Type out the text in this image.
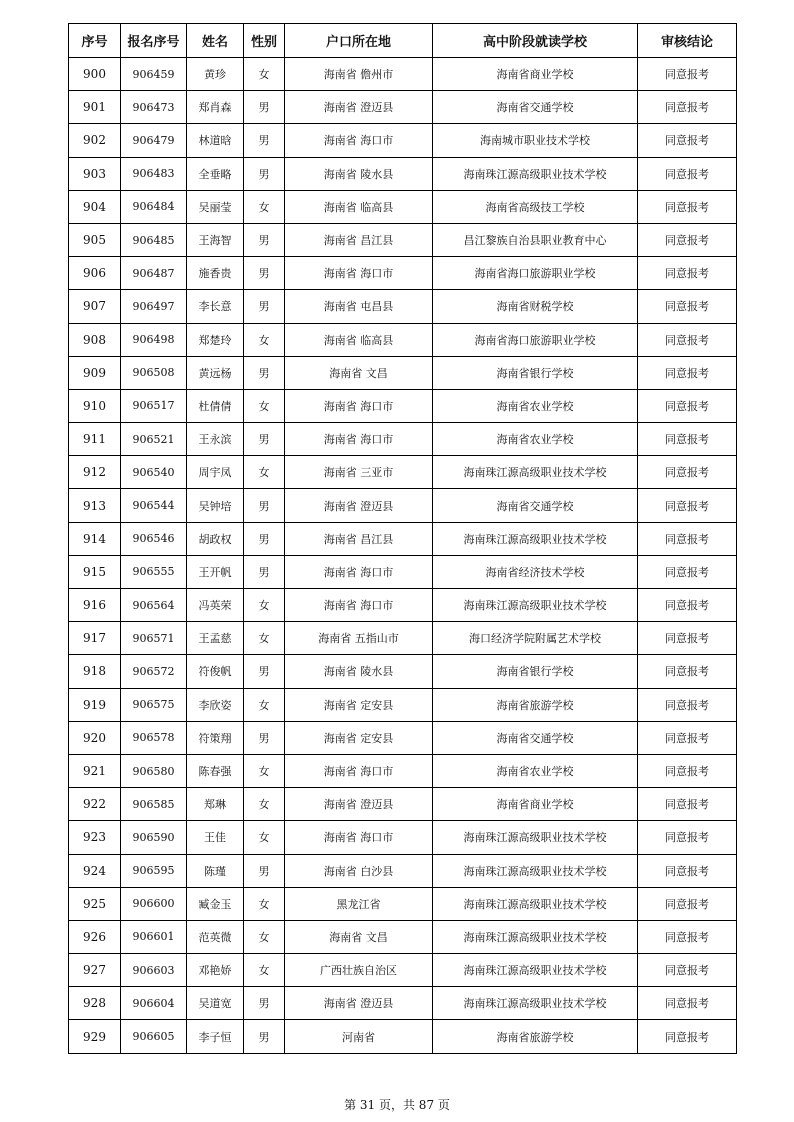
序号	报名序号	姓名	性别	户口所在地	高中阶段就读学校	审核结论
900	906459	黄珍	女	海南省 儋州市	海南省商业学校	同意报考
901	906473	郑肖森	男	海南省 澄迈县	海南省交通学校	同意报考
902	906479	林道晗	男	海南省 海口市	海南城市职业技术学校	同意报考
903	906483	全垂略	男	海南省 陵水县	海南珠江源高级职业技术学校	同意报考
904	906484	吴丽莹	女	海南省 临高县	海南省高级技工学校	同意报考
905	906485	王海智	男	海南省 昌江县	昌江黎族自治县职业教育中心	同意报考
906	906487	施香贵	男	海南省 海口市	海南省海口旅游职业学校	同意报考
907	906497	李长意	男	海南省 屯昌县	海南省财税学校	同意报考
908	906498	郑楚玲	女	海南省 临高县	海南省海口旅游职业学校	同意报考
909	906508	黄远杨	男	海南省 文昌	海南省银行学校	同意报考
910	906517	杜倩倩	女	海南省 海口市	海南省农业学校	同意报考
911	906521	王永滨	男	海南省 海口市	海南省农业学校	同意报考
912	906540	周宇凤	女	海南省 三亚市	海南珠江源高级职业技术学校	同意报考
913	906544	吴钟培	男	海南省 澄迈县	海南省交通学校	同意报考
914	906546	胡政权	男	海南省 昌江县	海南珠江源高级职业技术学校	同意报考
915	906555	王开帆	男	海南省 海口市	海南省经济技术学校	同意报考
916	906564	冯英荣	女	海南省 海口市	海南珠江源高级职业技术学校	同意报考
917	906571	王孟慈	女	海南省 五指山市	海口经济学院附属艺术学校	同意报考
918	906572	符俊帆	男	海南省 陵水县	海南省银行学校	同意报考
919	906575	李欣姿	女	海南省 定安县	海南省旅游学校	同意报考
920	906578	符策翔	男	海南省 定安县	海南省交通学校	同意报考
921	906580	陈春强	女	海南省 海口市	海南省农业学校	同意报考
922	906585	郑琳	女	海南省 澄迈县	海南省商业学校	同意报考
923	906590	王佳	女	海南省 海口市	海南珠江源高级职业技术学校	同意报考
924	906595	陈瑾	男	海南省 白沙县	海南珠江源高级职业技术学校	同意报考
925	906600	臧金玉	女	黑龙江省	海南珠江源高级职业技术学校	同意报考
926	906601	范英微	女	海南省 文昌	海南珠江源高级职业技术学校	同意报考
927	906603	邓艳娇	女	广西壮族自治区	海南珠江源高级职业技术学校	同意报考
928	906604	吴道宽	男	海南省 澄迈县	海南珠江源高级职业技术学校	同意报考
929	906605	李子恒	男	河南省	海南省旅游学校	同意报考
第 31 页，共 87 页
